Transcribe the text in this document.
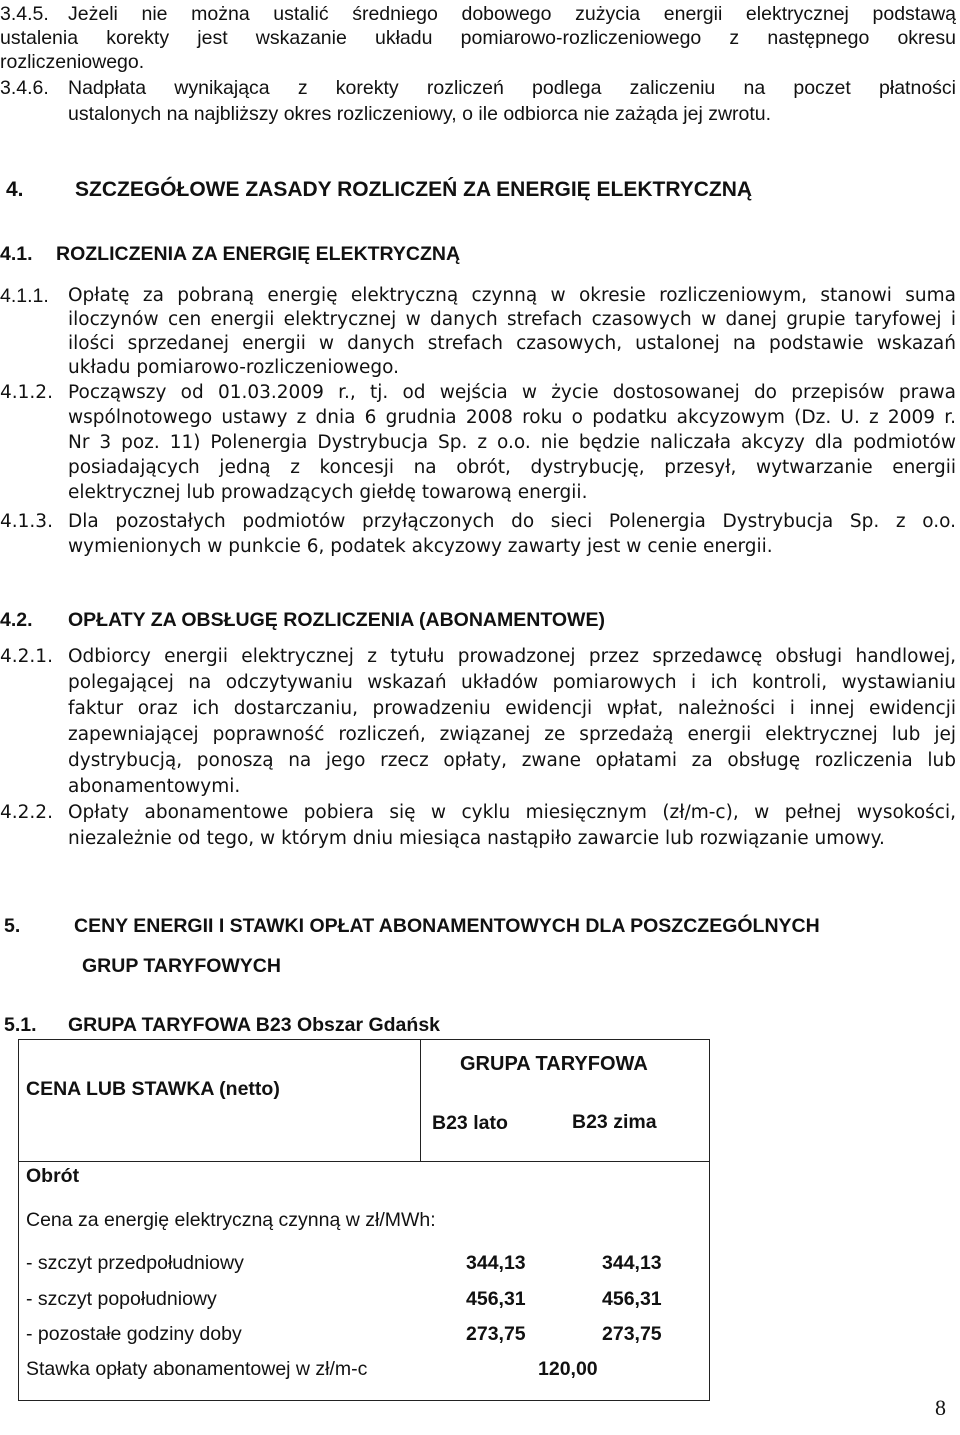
3.4.5. Jeżeli nie można ustalić średniego dobowego zużycia energii elektrycznej podstawą
ustalenia korekty jest wskazanie układu pomiarowo-rozliczeniowego z następnego okresu
rozliczeniowego.
3.4.6. Nadpłata wynikająca z korekty rozliczeń podlega zaliczeniu na poczet płatności
ustalonych na najbliższy okres rozliczeniowy, o ile odbiorca nie zażąda jej zwrotu.
4. SZCZEGÓŁOWE ZASADY ROZLICZEŃ ZA ENERGIĘ ELEKTRYCZNĄ
4.1. ROZLICZENIA ZA ENERGIĘ ELEKTRYCZNĄ
4.1.1. Opłatę za pobraną energię elektryczną czynną w okresie rozliczeniowym, stanowi suma
iloczynów cen energii elektrycznej w danych strefach czasowych w danej grupie taryfowej i
ilości sprzedanej energii w danych strefach czasowych, ustalonej na podstawie wskazań
układu pomiarowo-rozliczeniowego.
4.1.2. Począwszy od 01.03.2009 r., tj. od wejścia w życie dostosowanej do przepisów prawa
wspólnotowego ustawy z dnia 6 grudnia 2008 roku o podatku akcyzowym (Dz. U. z 2009 r.
Nr 3 poz. 11) Polenergia Dystrybucja Sp. z o.o. nie będzie naliczała akcyzy dla podmiotów
posiadających jedną z koncesji na obrót, dystrybucję, przesył, wytwarzanie energii
elektrycznej lub prowadzących giełdę towarową energii.
4.1.3. Dla pozostałych podmiotów przyłączonych do sieci Polenergia Dystrybucja Sp. z o.o.
wymienionych w punkcie 6, podatek akcyzowy zawarty jest w cenie energii.
4.2. OPŁATY ZA OBSŁUGĘ ROZLICZENIA (ABONAMENTOWE)
4.2.1. Odbiorcy energii elektrycznej z tytułu prowadzonej przez sprzedawcę obsługi handlowej,
polegającej na odczytywaniu wskazań układów pomiarowych i ich kontroli, wystawianiu
faktur oraz ich dostarczaniu, prowadzeniu ewidencji wpłat, należności i innej ewidencji
zapewniającej poprawność rozliczeń, związanej ze sprzedażą energii elektrycznej lub jej
dystrybucją, ponoszą na jego rzecz opłaty, zwane opłatami za obsługę rozliczenia lub
abonamentowymi.
4.2.2. Opłaty abonamentowe pobiera się w cyklu miesięcznym (zł/m-c), w pełnej wysokości,
niezależnie od tego, w którym dniu miesiąca nastąpiło zawarcie lub rozwiązanie umowy.
5.	CENY ENERGII I STAWKI OPŁAT ABONAMENTOWYCH DLA POSZCZEGÓLNYCH
GRUP TARYFOWYCH
5.1. GRUPA TARYFOWA B23 Obszar Gdańsk
CENA LUB STAWKA (netto)
GRUPA TARYFOWA
B23 lato	B23 zima
Obrót
Cena za energię elektryczną czynną w zł/MWh:
- szczyt przedpołudniowy	344,13	344,13
- szczyt popołudniowy	456,31	456,31
- pozostałe godziny doby	273,75	273,75
Stawka opłaty abonamentowej w zł/m-c	120,00
8
